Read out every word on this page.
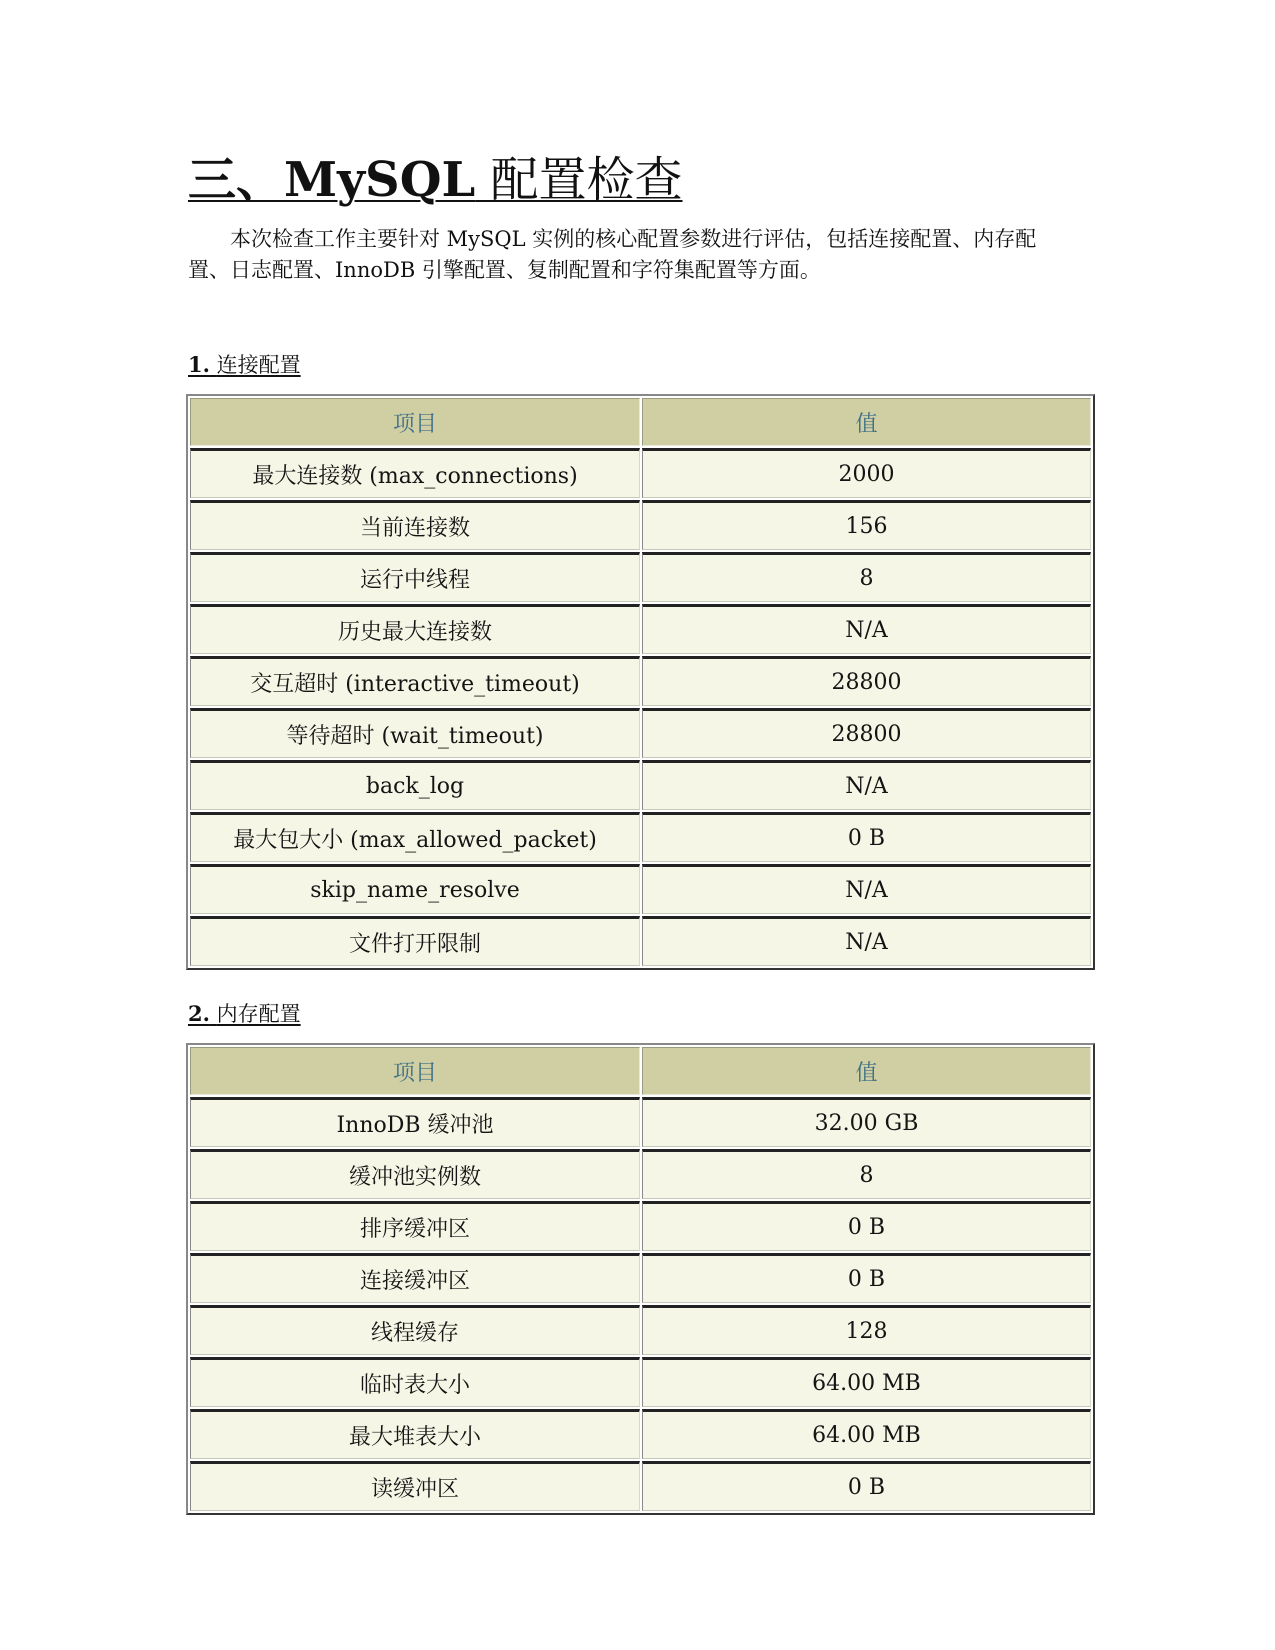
三、MySQL 配置检查

本次检查工作主要针对 MySQL 实例的核心配置参数进行评估，包括连接配置、内存配置、日志配置、InnoDB 引擎配置、复制配置和字符集配置等方面。

1. 连接配置
项目	值
最大连接数 (max_connections)	2000
当前连接数	156
运行中线程	8
历史最大连接数	N/A
交互超时 (interactive_timeout)	28800
等待超时 (wait_timeout)	28800
back_log	N/A
最大包大小 (max_allowed_packet)	0 B
skip_name_resolve	N/A
文件打开限制	N/A
2. 内存配置
项目	值
InnoDB 缓冲池	32.00 GB
缓冲池实例数	8
排序缓冲区	0 B
连接缓冲区	0 B
线程缓存	128
临时表大小	64.00 MB
最大堆表大小	64.00 MB
读缓冲区	0 B
